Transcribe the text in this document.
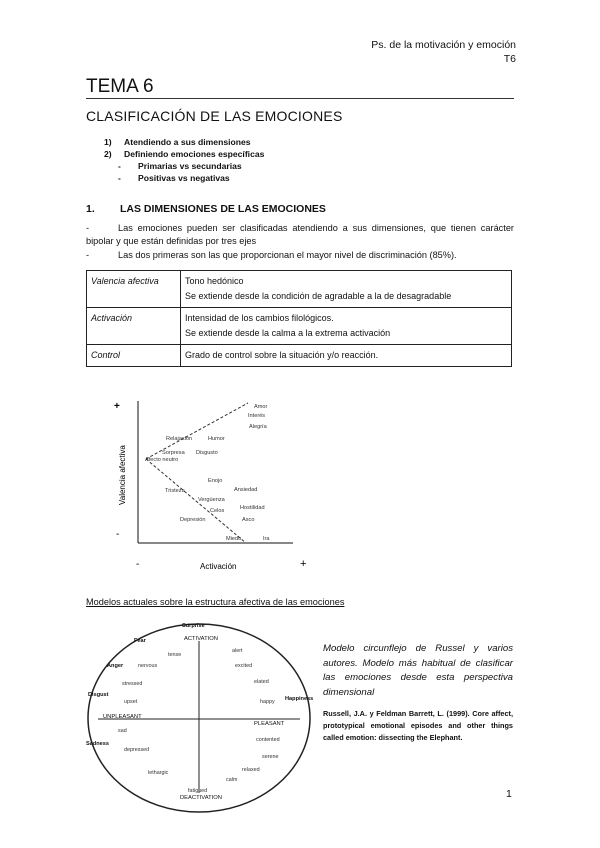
Ps. de la motivación y emoción
T6
TEMA 6
CLASIFICACIÓN DE LAS EMOCIONES
1)	Atendiendo a sus dimensiones
2)	Definiendo emociones específicas
-	Primarias vs secundarias
-	Positivas vs negativas
1. LAS DIMENSIONES DE LAS EMOCIONES
-	Las emociones pueden ser clasificadas atendiendo a sus dimensiones, que tienen carácter bipolar y que están definidas por tres ejes
-	Las dos primeras son las que proporcionan el mayor nivel de discriminación (85%).
Valencia afectiva	Tono hedónico
Se extiende desde la condición de agradable a la de desagradable

Activación	Intensidad de los cambios filológicos.
Se extiende desde la calma a la extrema activación

Control	Grado de control sobre la situación y/o reacción.
+
-
-	+
Activación
Valencia afectiva
Amor
Interés
Alegría
Relajación	Humor
Sorpresa Disgusto
Afecto neutro
Enojo
Tristeza
Vergüenza
Ansiedad
Celos	Hostilidad
Depresión	Asco
Miedo	Ira
Modelos actuales sobre la estructura afectiva de las emociones
ACTIVATION
DEACTIVATION
UNPLEASANT
PLEASANT
Surprise
Fear
Anger
Disgust
Sadness
Happiness
tense
alert
nervous	excited
stressed	elated
upset	happy
sad
contented
depressed
serene
relaxed
lethargic
calm
fatigued
Modelo circunflejo de Russel y varios autores. Modelo más habitual de clasificar las emociones desde esta perspectiva dimensional
Russell, J.A. y Feldman Barrett, L. (1999). Core affect, prototypical emotional episodes and other things called emotion: dissecting the Elephant.
1
